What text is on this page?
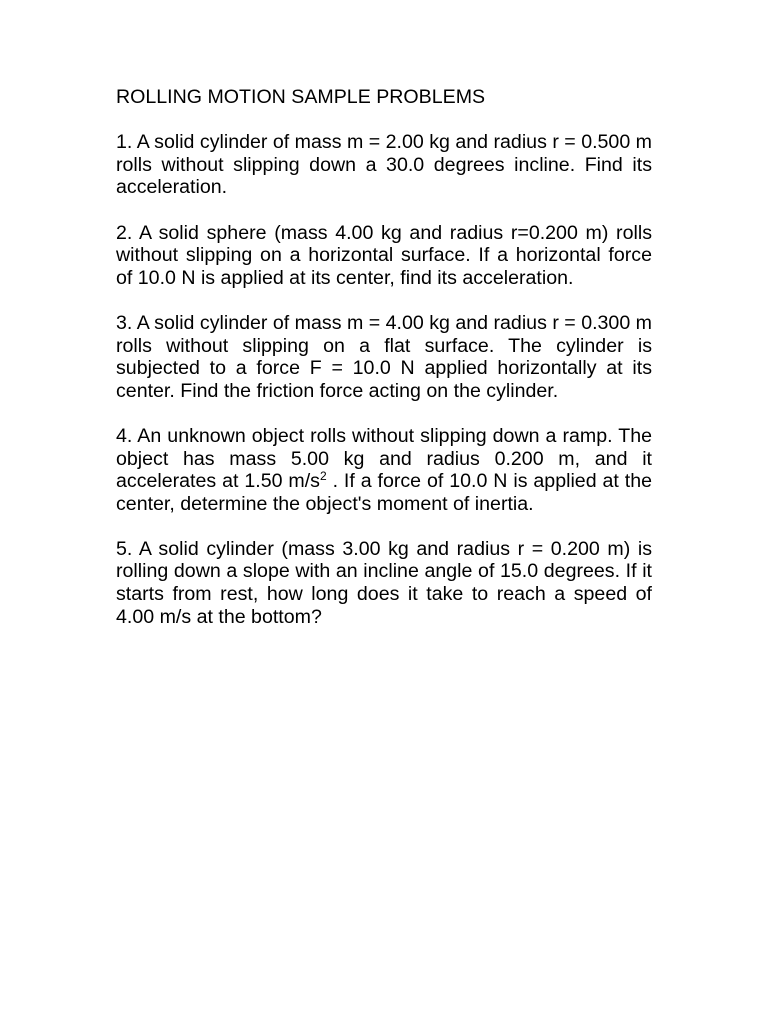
ROLLING MOTION SAMPLE PROBLEMS

1. A solid cylinder of mass m = 2.00 kg and radius r = 0.500 m rolls without slipping down a 30.0 degrees incline. Find its acceleration.

2. A solid sphere (mass 4.00 kg and radius r=0.200 m) rolls without slipping on a horizontal surface. If a horizontal force of 10.0 N is applied at its center, find its acceleration.

3. A solid cylinder of mass m = 4.00 kg and radius r = 0.300 m rolls without slipping on a flat surface. The cylinder is subjected to a force F = 10.0 N applied horizontally at its center. Find the friction force acting on the cylinder.

4. An unknown object rolls without slipping down a ramp. The object has mass 5.00 kg and radius 0.200 m, and it accelerates at 1.50 $m/s^2$ . If a force of 10.0 N is applied at the center, determine the object's moment of inertia.

5. A solid cylinder (mass 3.00 kg and radius r = 0.200 m) is rolling down a slope with an incline angle of 15.0 degrees. If it starts from rest, how long does it take to reach a speed of 4.00 m/s at the bottom?
